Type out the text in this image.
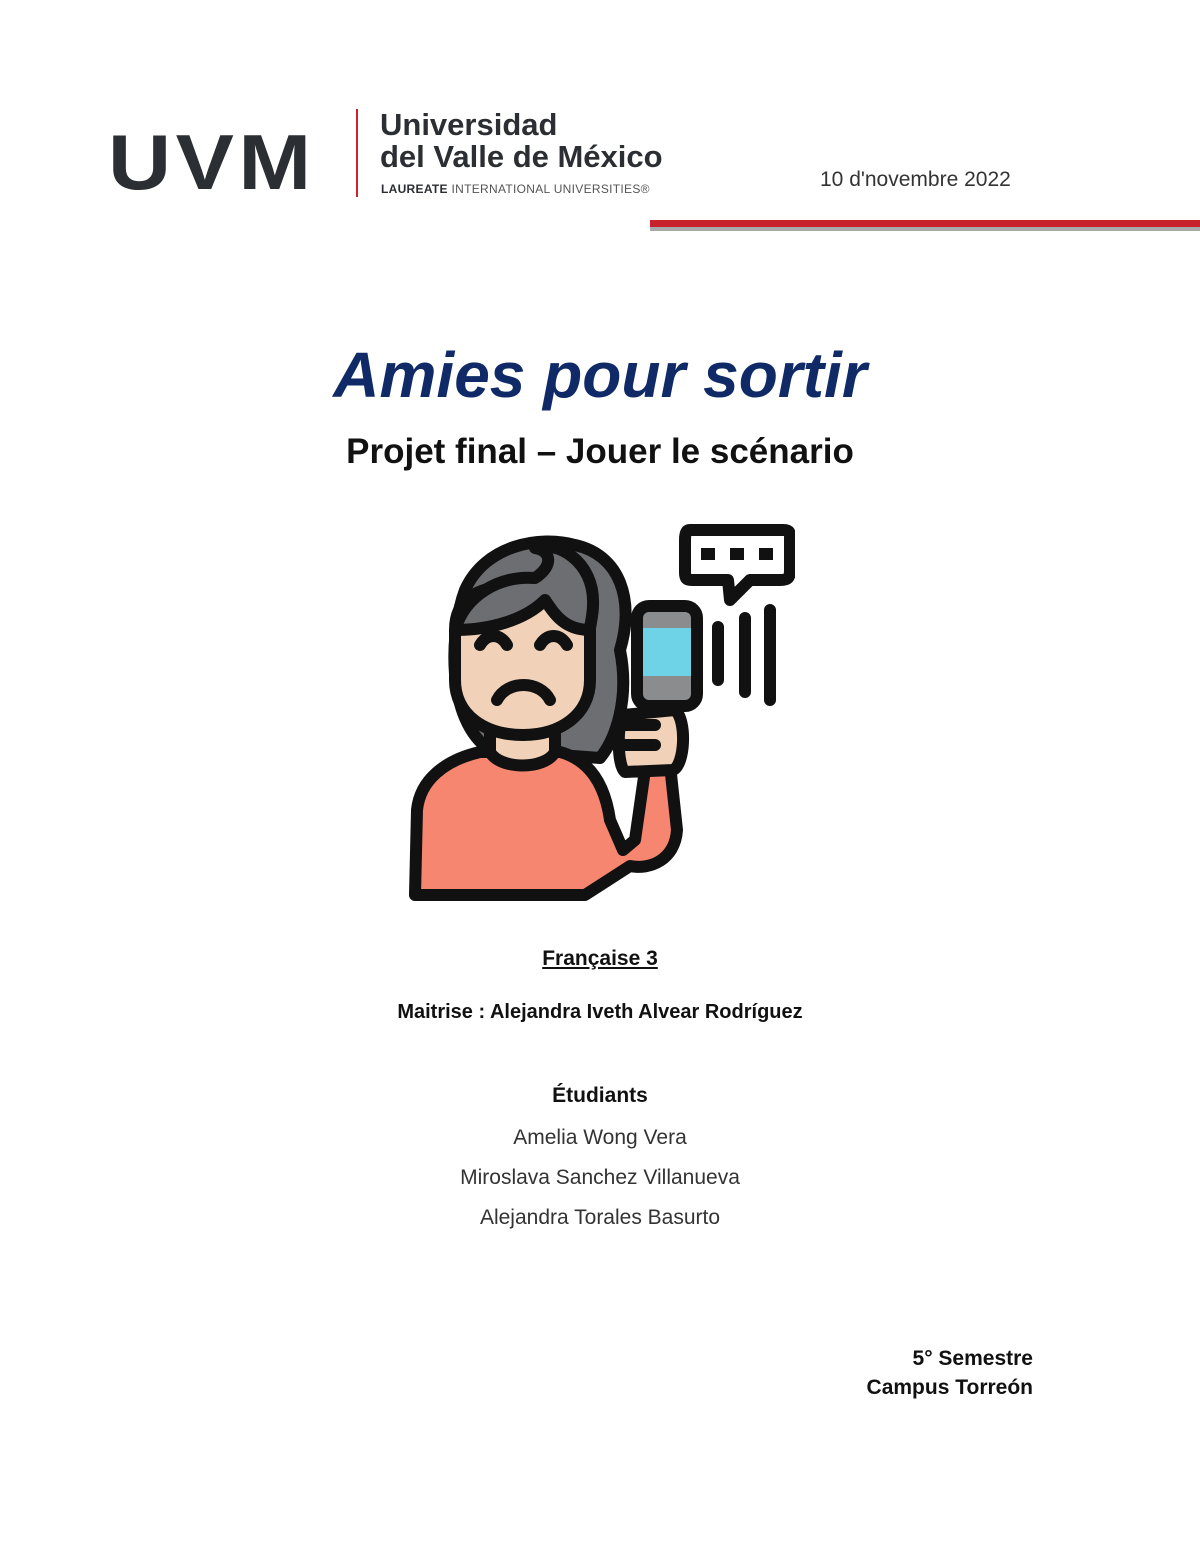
UVM Universidad
del Valle de México
LAUREATE INTERNATIONAL UNIVERSITIES®	10 d'novembre 2022
Amies pour sortir
Projet final – Jouer le scénario
Française 3
Maitrise : Alejandra Iveth Alvear Rodríguez
Étudiants
Amelia Wong Vera
Miroslava Sanchez Villanueva
Alejandra Torales Basurto
5° Semestre
Campus Torreón
